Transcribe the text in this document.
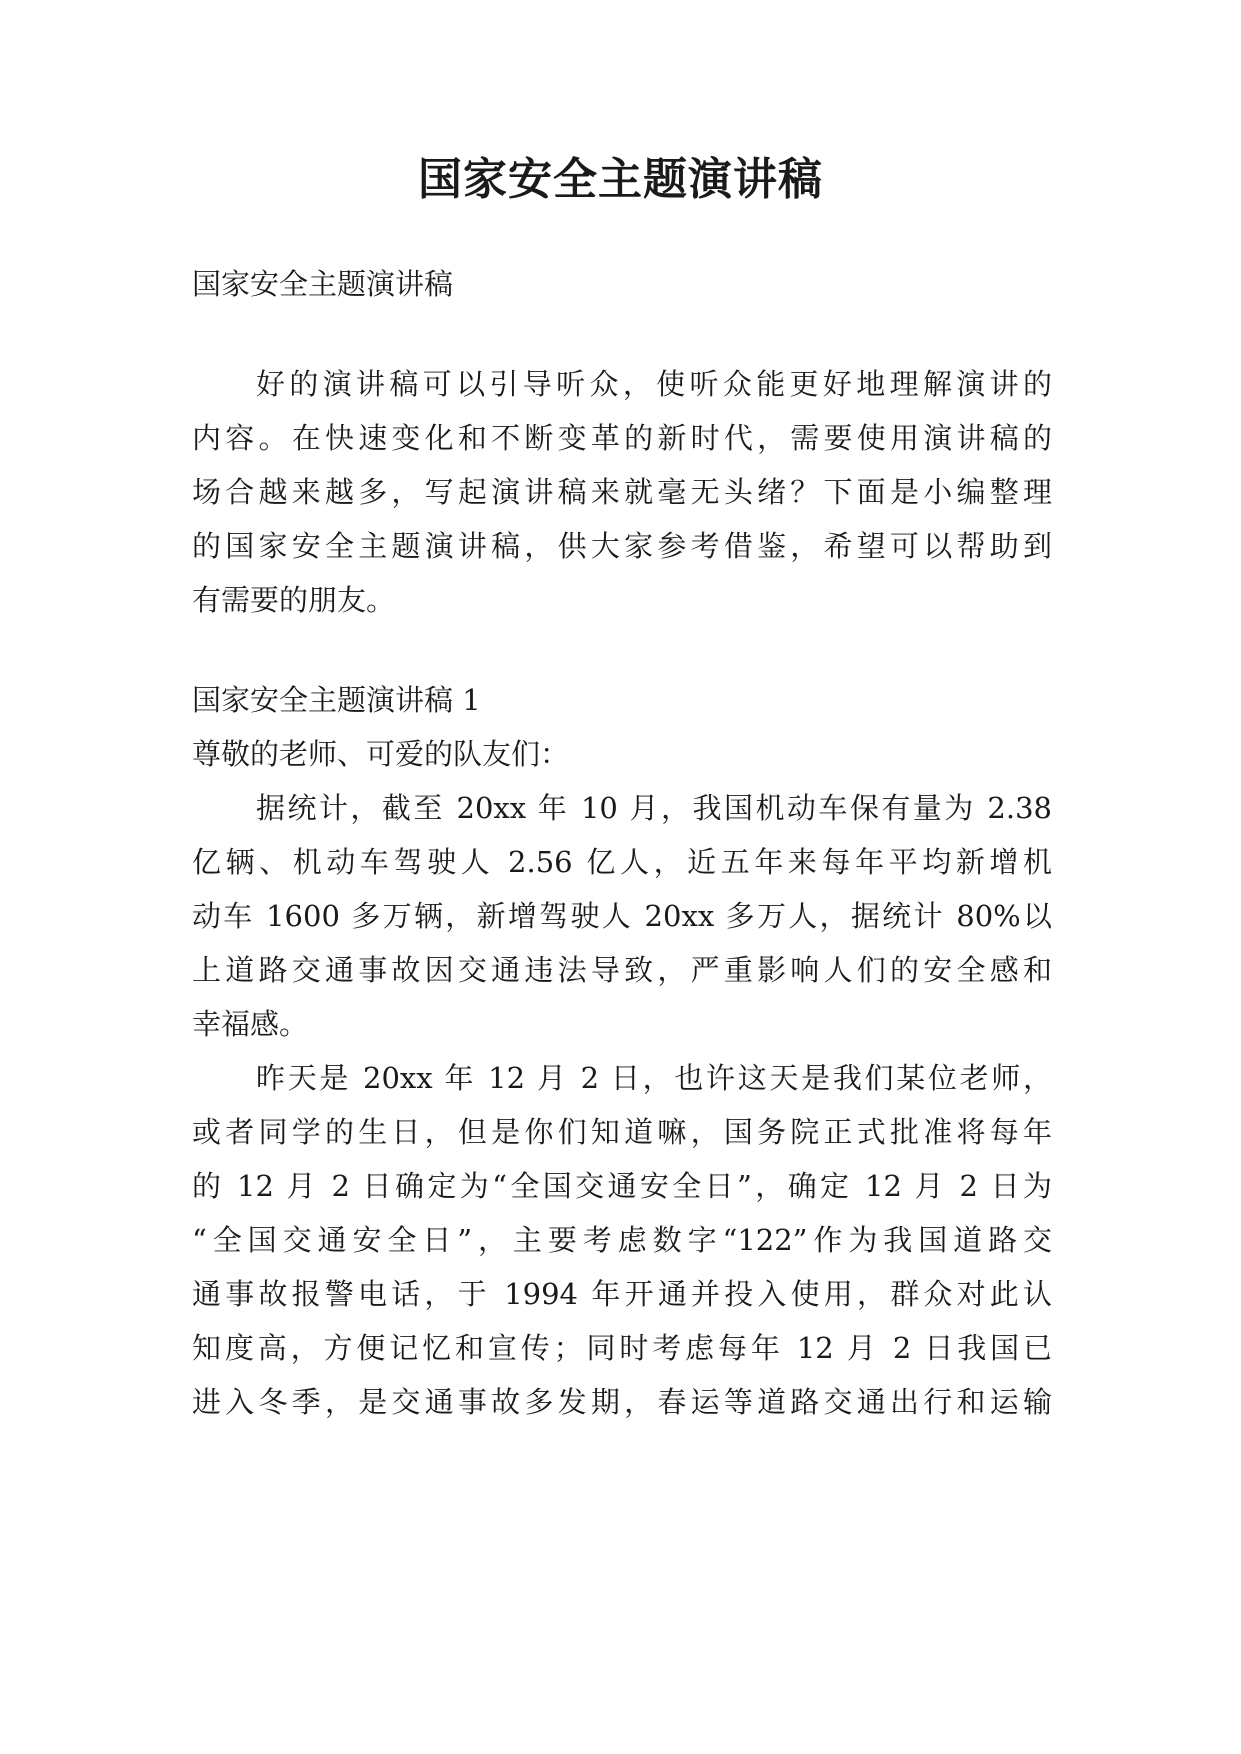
国家安全主题演讲稿
国家安全主题演讲稿
好的演讲稿可以引导听众，使听众能更好地理解演讲的
内容。在快速变化和不断变革的新时代，需要使用演讲稿的
场合越来越多，写起演讲稿来就毫无头绪？下面是小编整理
的国家安全主题演讲稿，供大家参考借鉴，希望可以帮助到
有需要的朋友。
国家安全主题演讲稿 1
尊敬的老师、可爱的队友们：
据统计，截至 20xx 年 10 月，我国机动车保有量为 2.38
亿辆、机动车驾驶人 2.56 亿人，近五年来每年平均新增机
动车 1600 多万辆，新增驾驶人 20xx 多万人，据统计 80%以
上道路交通事故因交通违法导致，严重影响人们的安全感和
幸福感。
昨天是 20xx 年 12 月 2 日，也许这天是我们某位老师，
或者同学的生日，但是你们知道嘛，国务院正式批准将每年
的 12 月 2 日确定为“全国交通安全日”，确定 12 月 2 日为
“全国交通安全日”，主要考虑数字“122”作为我国道路交
通事故报警电话，于 1994 年开通并投入使用，群众对此认
知度高，方便记忆和宣传；同时考虑每年 12 月 2 日我国已
进入冬季，是交通事故多发期，春运等道路交通出行和运输
